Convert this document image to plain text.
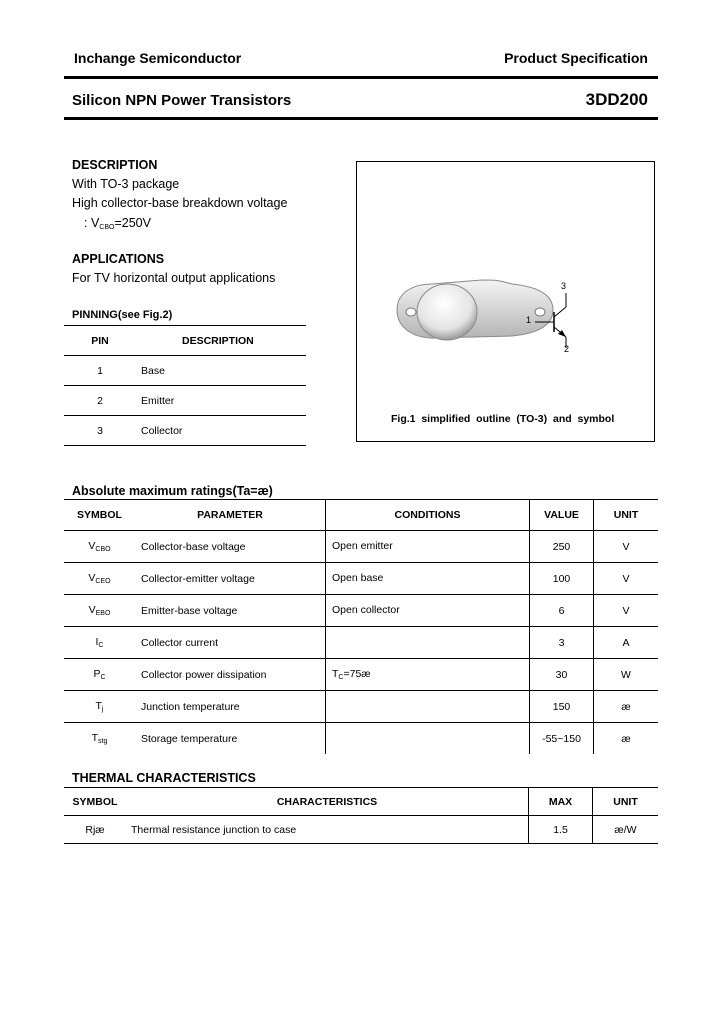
Inchange Semiconductor	Product Specification
Silicon NPN Power Transistors	3DD200
DESCRIPTION
With TO-3 package
High collector-base breakdown voltage
: $V_{CBO}=250V$
APPLICATIONS
For TV horizontal output applications
PINNING(see Fig.2)
PIN	DESCRIPTION
1	Base
2	Emitter
3	Collector
3
1
2
Fig.1  simplified  outline  (TO-3)  and  symbol
Absolute maximum ratings(Ta=æ)
SYMBOL	PARAMETER	CONDITIONS	VALUE	UNIT
$V_{CBO}$	Collector-base voltage	Open emitter	250	V
$V_{CEO}$	Collector-emitter voltage	Open base	100	V
$V_{EBO}$	Emitter-base voltage	Open collector	6	V
$I_C$	Collector current		3	A
$P_C$	Collector power dissipation	$T_C=75æ$	30	W
$T_j$	Junction temperature		150	æ
$T_{stg}$	Storage temperature		-55~150	æ
THERMAL CHARACTERISTICS
SYMBOL	CHARACTERISTICS	MAX	UNIT
Rjæ	Thermal resistance junction to case	1.5	æ/W
